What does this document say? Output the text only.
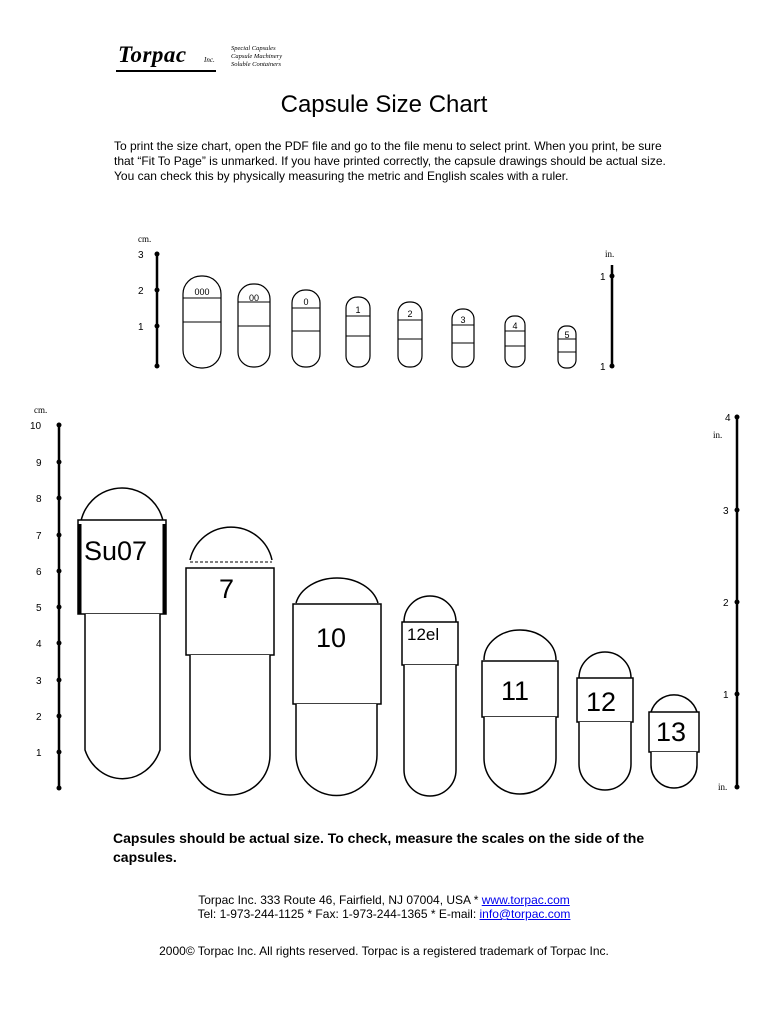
Torpac Inc.
Special Capsules
Capsule Machinery
Soluble Containers
Capsule Size Chart
To print the size chart, open the PDF file and go to the file menu to select print. When you print, be sure that “Fit To Page” is unmarked. If you have printed correctly, the capsule drawings should be actual size. You can check this by physically measuring the metric and English scales with a ruler.
cm.
3
2
1
000
00	0
1	2
3
4
5
in.
1
1
cm.
10
9
8
7
6
5
4
3
2
1
Su07
7
10	12el
11 12
13
4
in.
3
2
1
in.
Capsules should be actual size. To check, measure the scales on the side of the capsules.
Torpac Inc. 333 Route 46, Fairfield, NJ 07004, USA * www.torpac.com
Tel: 1-973-244-1125 * Fax: 1-973-244-1365 * E-mail: info@torpac.com
2000© Torpac Inc. All rights reserved. Torpac is a registered trademark of Torpac Inc.
